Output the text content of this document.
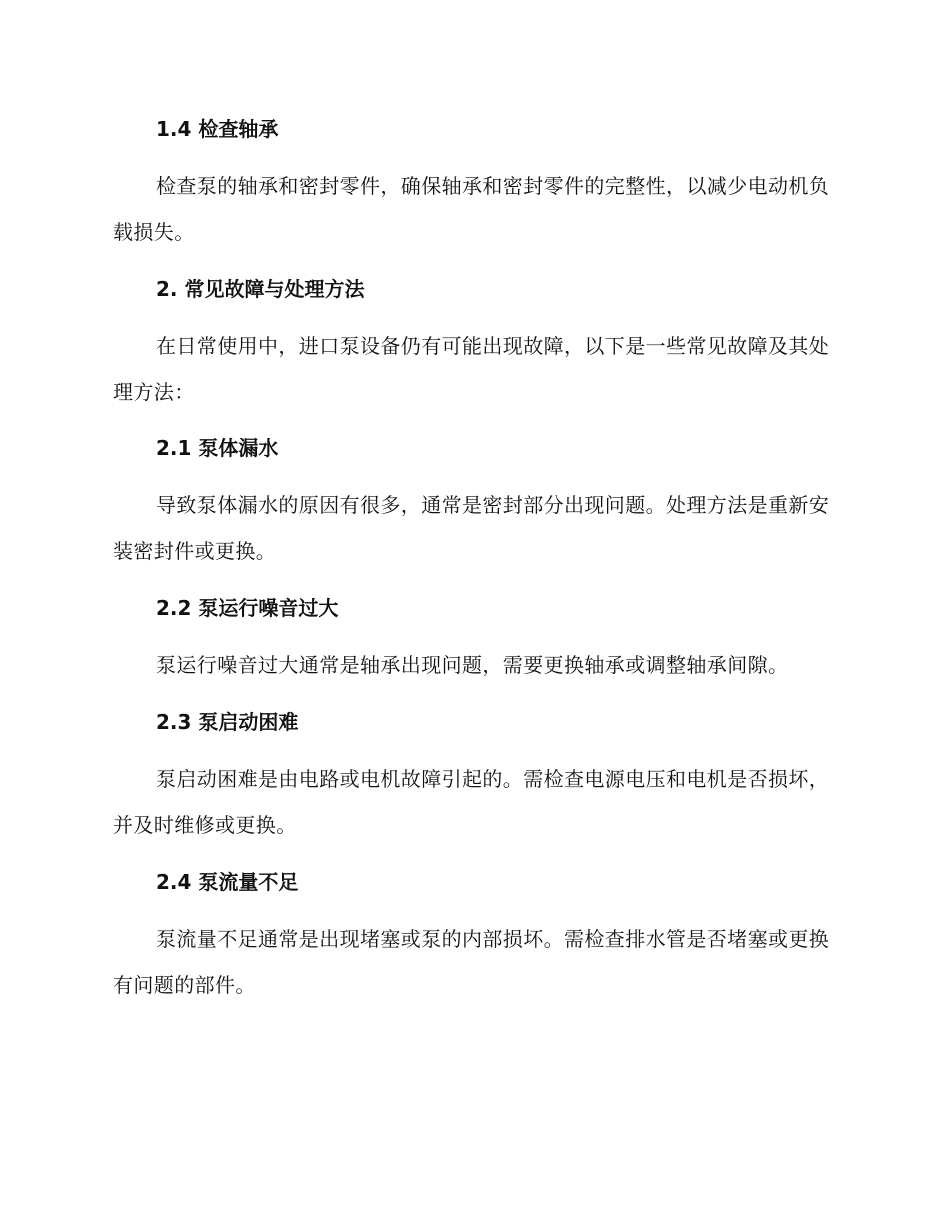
1.4 检查轴承

检查泵的轴承和密封零件，确保轴承和密封零件的完整性，以减少电动机负载损失。

2. 常见故障与处理方法

在日常使用中，进口泵设备仍有可能出现故障，以下是一些常见故障及其处理方法：

2.1 泵体漏水

导致泵体漏水的原因有很多，通常是密封部分出现问题。处理方法是重新安装密封件或更换。

2.2 泵运行噪音过大

泵运行噪音过大通常是轴承出现问题，需要更换轴承或调整轴承间隙。

2.3 泵启动困难

泵启动困难是由电路或电机故障引起的。需检查电源电压和电机是否损坏，并及时维修或更换。

2.4 泵流量不足

泵流量不足通常是出现堵塞或泵的内部损坏。需检查排水管是否堵塞或更换有问题的部件。
